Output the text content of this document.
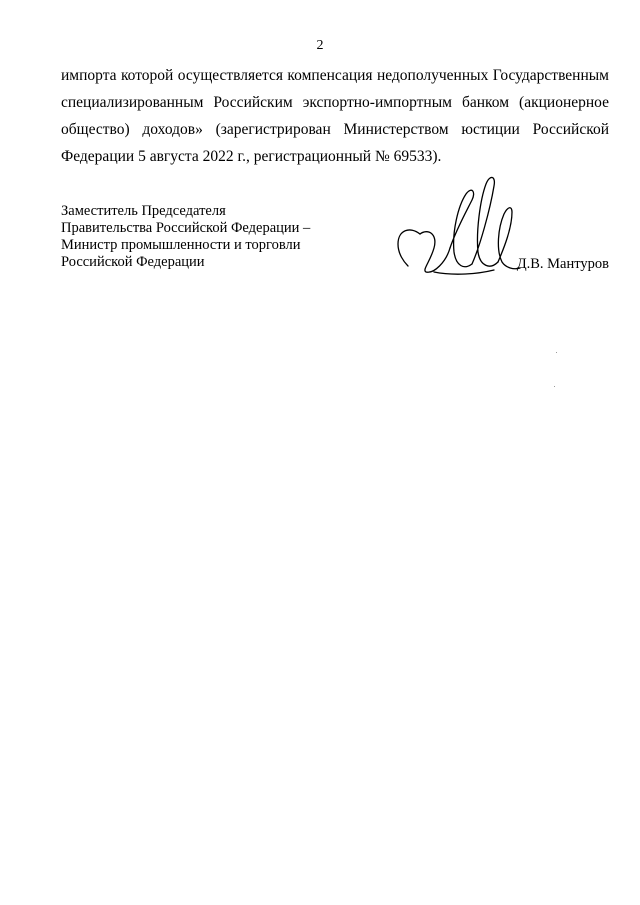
2
импорта которой осуществляется компенсация недополученных Государственным
специализированным Российским экспортно-импортным банком (акционерное
общество) доходов» (зарегистрирован Министерством юстиции Российской
Федерации 5 августа 2022 г., регистрационный № 69533).
Заместитель Председателя
Правительства Российской Федерации –
Министр промышленности и торговли
Российской Федерации	Д.В. Мантуров
